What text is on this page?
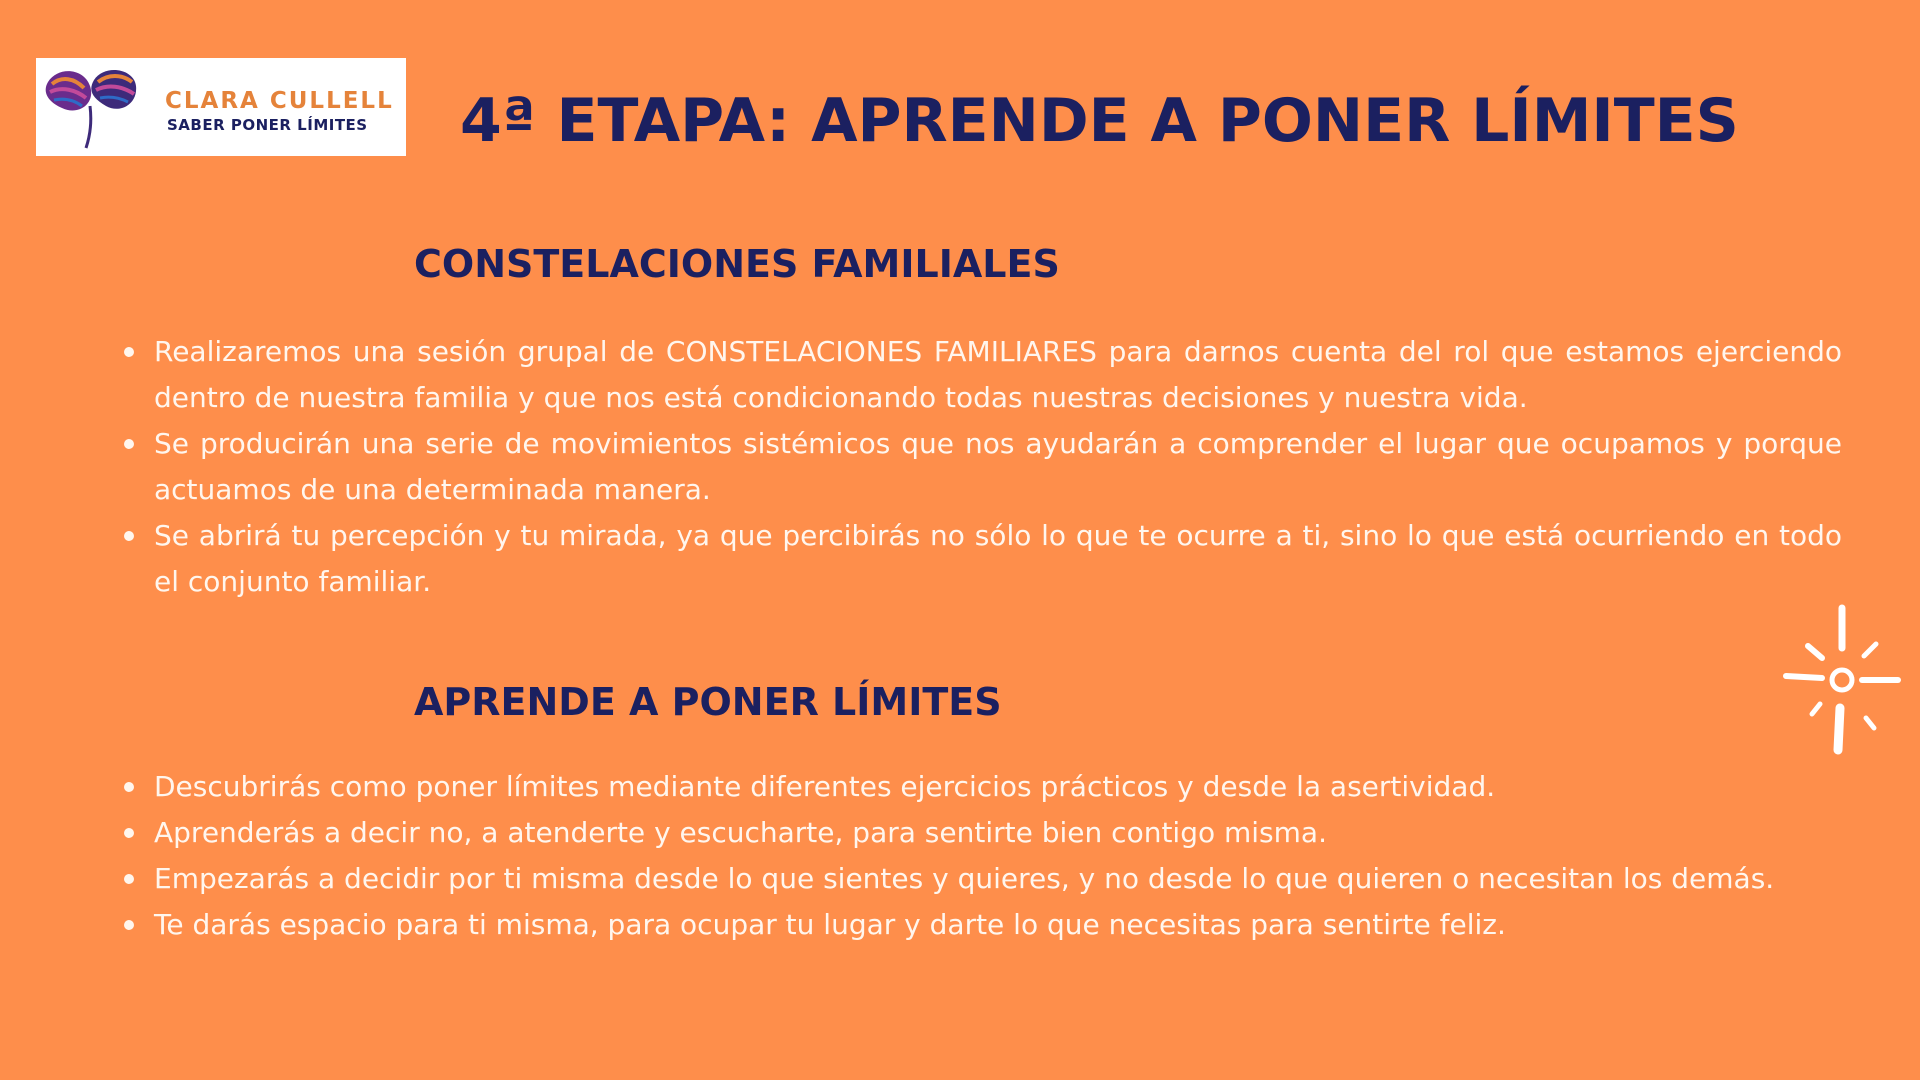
CLARA CULLELL
SABER PONER LÍMITES 4ª ETAPA: APRENDE A PONER LÍMITES
CONSTELACIONES FAMILIALES
Realizaremos una sesión grupal de CONSTELACIONES FAMILIARES para darnos cuenta del rol que estamos ejerciendo dentro de nuestra familia y que nos está condicionando todas nuestras decisiones y nuestra vida.
Se producirán una serie de movimientos sistémicos que nos ayudarán a comprender el lugar que ocupamos y porque actuamos de una determinada manera.
Se abrirá tu percepción y tu mirada, ya que percibirás no sólo lo que te ocurre a ti, sino lo que está ocurriendo en todo el conjunto familiar.
APRENDE A PONER LÍMITES
Descubrirás como poner límites mediante diferentes ejercicios prácticos y desde la asertividad.
Aprenderás a decir no, a atenderte y escucharte, para sentirte bien contigo misma.
Empezarás a decidir por ti misma desde lo que sientes y quieres, y no desde lo que quieren o necesitan los demás.
Te darás espacio para ti misma, para ocupar tu lugar y darte lo que necesitas para sentirte feliz.
